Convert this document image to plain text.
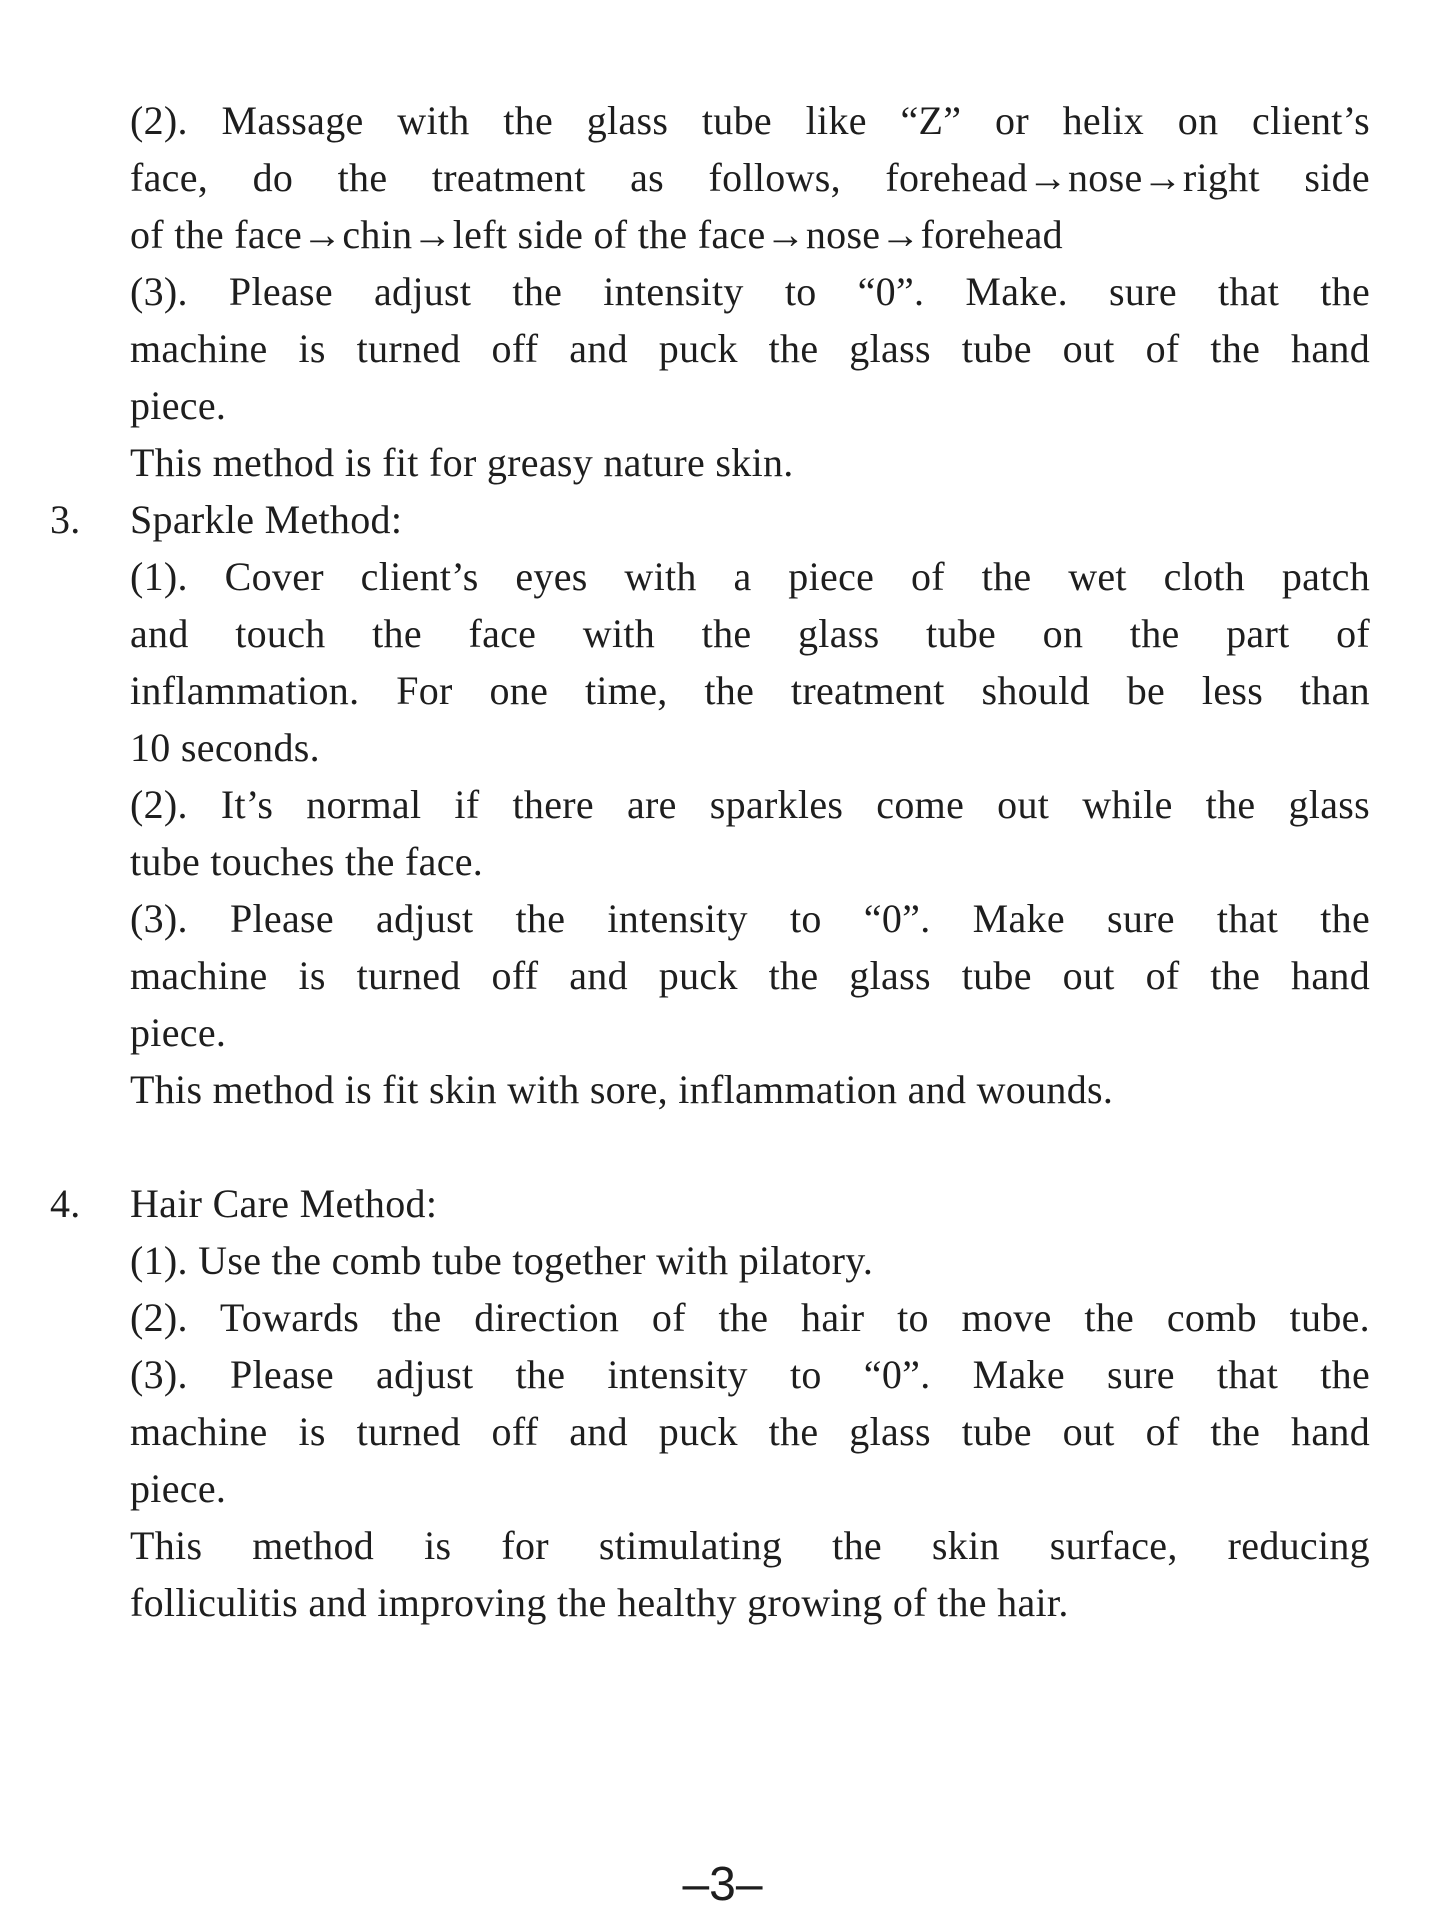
(2). Massage with the glass tube like “Z” or helix on client’s
face, do the treatment as follows, forehead→nose→right side
of the face→chin→left side of the face→nose→forehead
(3). Please adjust the intensity to “0”. Make. sure that the
machine is turned off and puck the glass tube out of the hand
piece.
This method is fit for greasy nature skin.
3. Sparkle Method:
(1). Cover client’s eyes with a piece of the wet cloth patch
and touch the face with the glass tube on the part of
inflammation. For one time, the treatment should be less than
10 seconds.
(2). It’s normal if there are sparkles come out while the glass
tube touches the face.
(3). Please adjust the intensity to “0”. Make sure that the
machine is turned off and puck the glass tube out of the hand
piece.
This method is fit skin with sore, inflammation and wounds.
4. Hair Care Method:
(1). Use the comb tube together with pilatory.
(2). Towards the direction of the hair to move the comb tube.
(3). Please adjust the intensity to “0”. Make sure that the
machine is turned off and puck the glass tube out of the hand
piece.
This method is for stimulating the skin surface, reducing
folliculitis and improving the healthy growing of the hair.
–3–
